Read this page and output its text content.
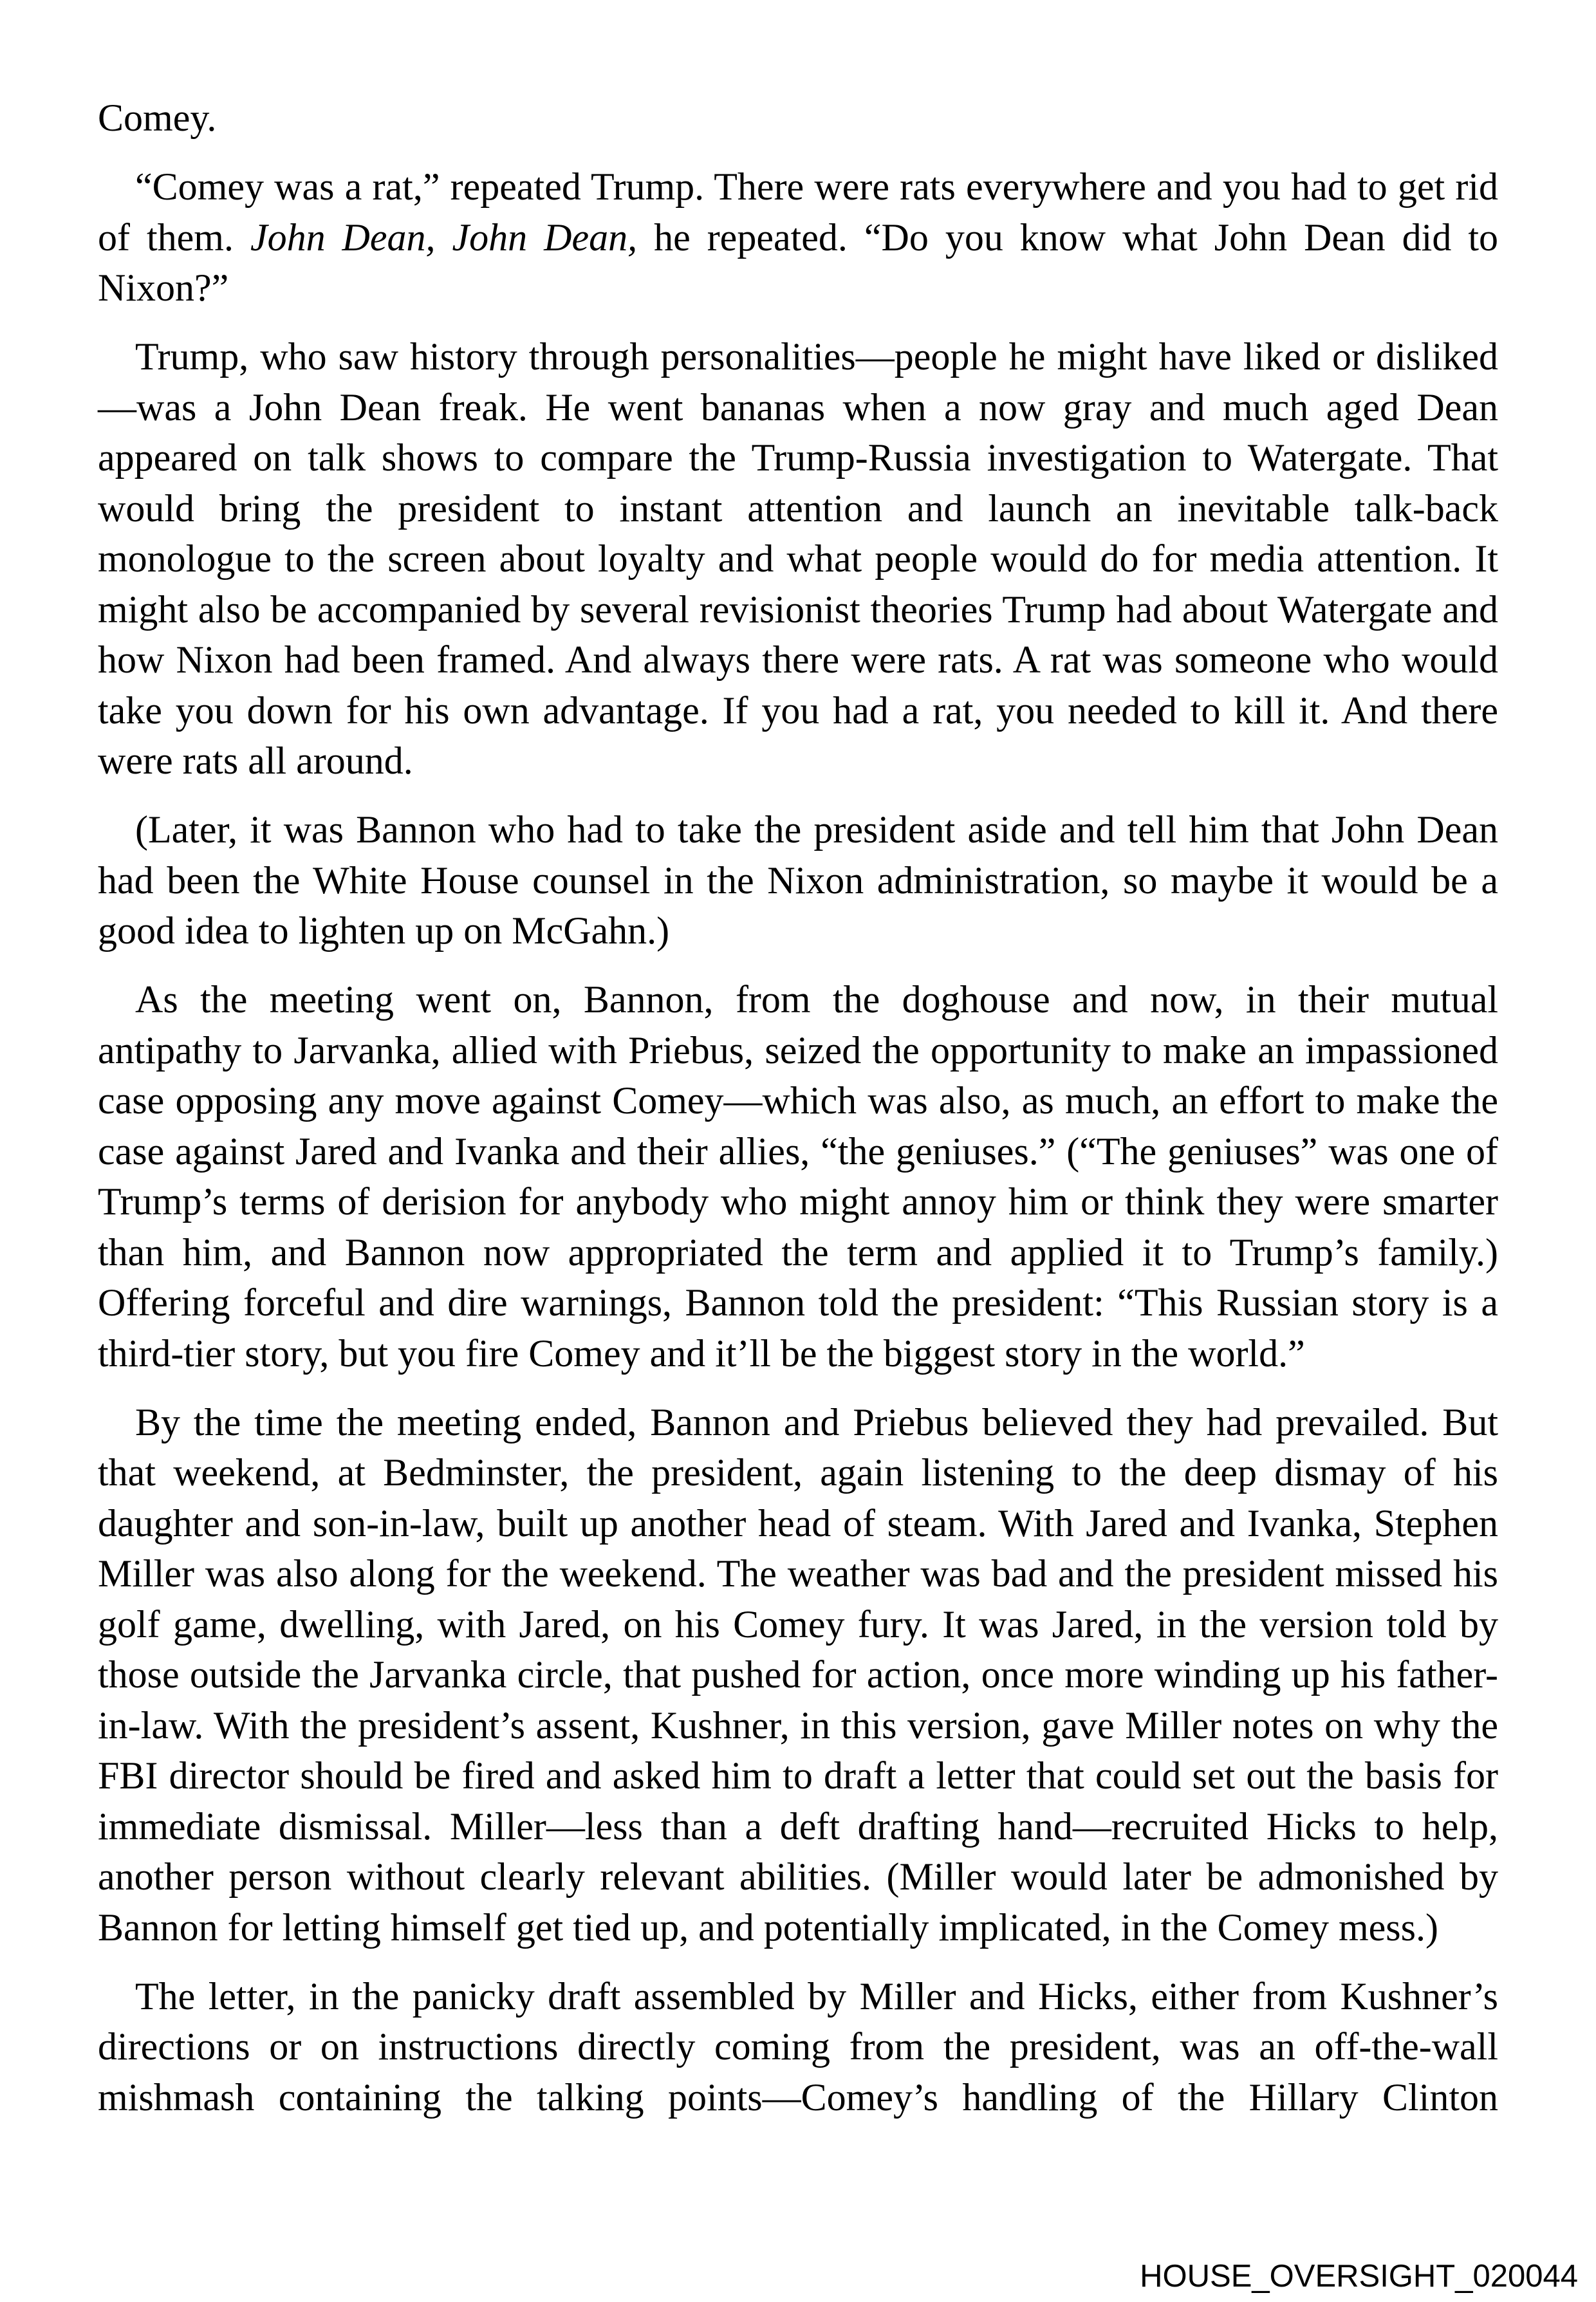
Comey.
“Comey was a rat,” repeated Trump. There were rats everywhere and you had to get rid
of them. John Dean, John Dean, he repeated. “Do you know what John Dean did to
Nixon?”
Trump, who saw history through personalities—people he might have liked or disliked
—was a John Dean freak. He went bananas when a now gray and much aged Dean
appeared on talk shows to compare the Trump-Russia investigation to Watergate. That
would bring the president to instant attention and launch an inevitable talk-back
monologue to the screen about loyalty and what people would do for media attention. It
might also be accompanied by several revisionist theories Trump had about Watergate and
how Nixon had been framed. And always there were rats. A rat was someone who would
take you down for his own advantage. If you had a rat, you needed to kill it. And there
were rats all around.
(Later, it was Bannon who had to take the president aside and tell him that John Dean
had been the White House counsel in the Nixon administration, so maybe it would be a
good idea to lighten up on McGahn.)
As the meeting went on, Bannon, from the doghouse and now, in their mutual
antipathy to Jarvanka, allied with Priebus, seized the opportunity to make an impassioned
case opposing any move against Comey—which was also, as much, an effort to make the
case against Jared and Ivanka and their allies, “the geniuses.” (“The geniuses” was one of
Trump’s terms of derision for anybody who might annoy him or think they were smarter
than him, and Bannon now appropriated the term and applied it to Trump’s family.)
Offering forceful and dire warnings, Bannon told the president: “This Russian story is a
third-tier story, but you fire Comey and it’ll be the biggest story in the world.”
By the time the meeting ended, Bannon and Priebus believed they had prevailed. But
that weekend, at Bedminster, the president, again listening to the deep dismay of his
daughter and son-in-law, built up another head of steam. With Jared and Ivanka, Stephen
Miller was also along for the weekend. The weather was bad and the president missed his
golf game, dwelling, with Jared, on his Comey fury. It was Jared, in the version told by
those outside the Jarvanka circle, that pushed for action, once more winding up his father-
in-law. With the president’s assent, Kushner, in this version, gave Miller notes on why the
FBI director should be fired and asked him to draft a letter that could set out the basis for
immediate dismissal. Miller—less than a deft drafting hand—recruited Hicks to help,
another person without clearly relevant abilities. (Miller would later be admonished by
Bannon for letting himself get tied up, and potentially implicated, in the Comey mess.)
The letter, in the panicky draft assembled by Miller and Hicks, either from Kushner’s
directions or on instructions directly coming from the president, was an off-the-wall
mishmash containing the talking points—Comey’s handling of the Hillary Clinton
HOUSE_OVERSIGHT_020044
